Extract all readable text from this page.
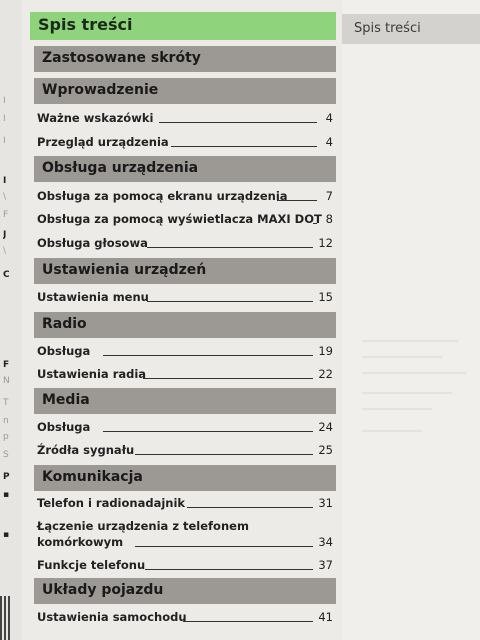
I
I
I
I
\
F
J
\
C
F
N
T
n
p
S
P
▪
▪
Spis treści
Spis treści
Zastosowane skróty
Wprowadzenie
Ważne wskazówki	4
Przegląd urządzenia	4
Obsługa urządzenia
Obsługa za pomocą ekranu urządzenia	7
Obsługa za pomocą wyświetlacza MAXI DOT 8
Obsługa głosowa	12
Ustawienia urządzeń
Ustawienia menu	15
Radio
Obsługa	19
Ustawienia radia	22
Media
Obsługa	24
Źródła sygnału	25
Komunikacja
Telefon i radionadajnik	31
Łączenie urządzenia z telefonem
komórkowym	34
Funkcje telefonu	37
Układy pojazdu
Ustawienia samochodu	41
